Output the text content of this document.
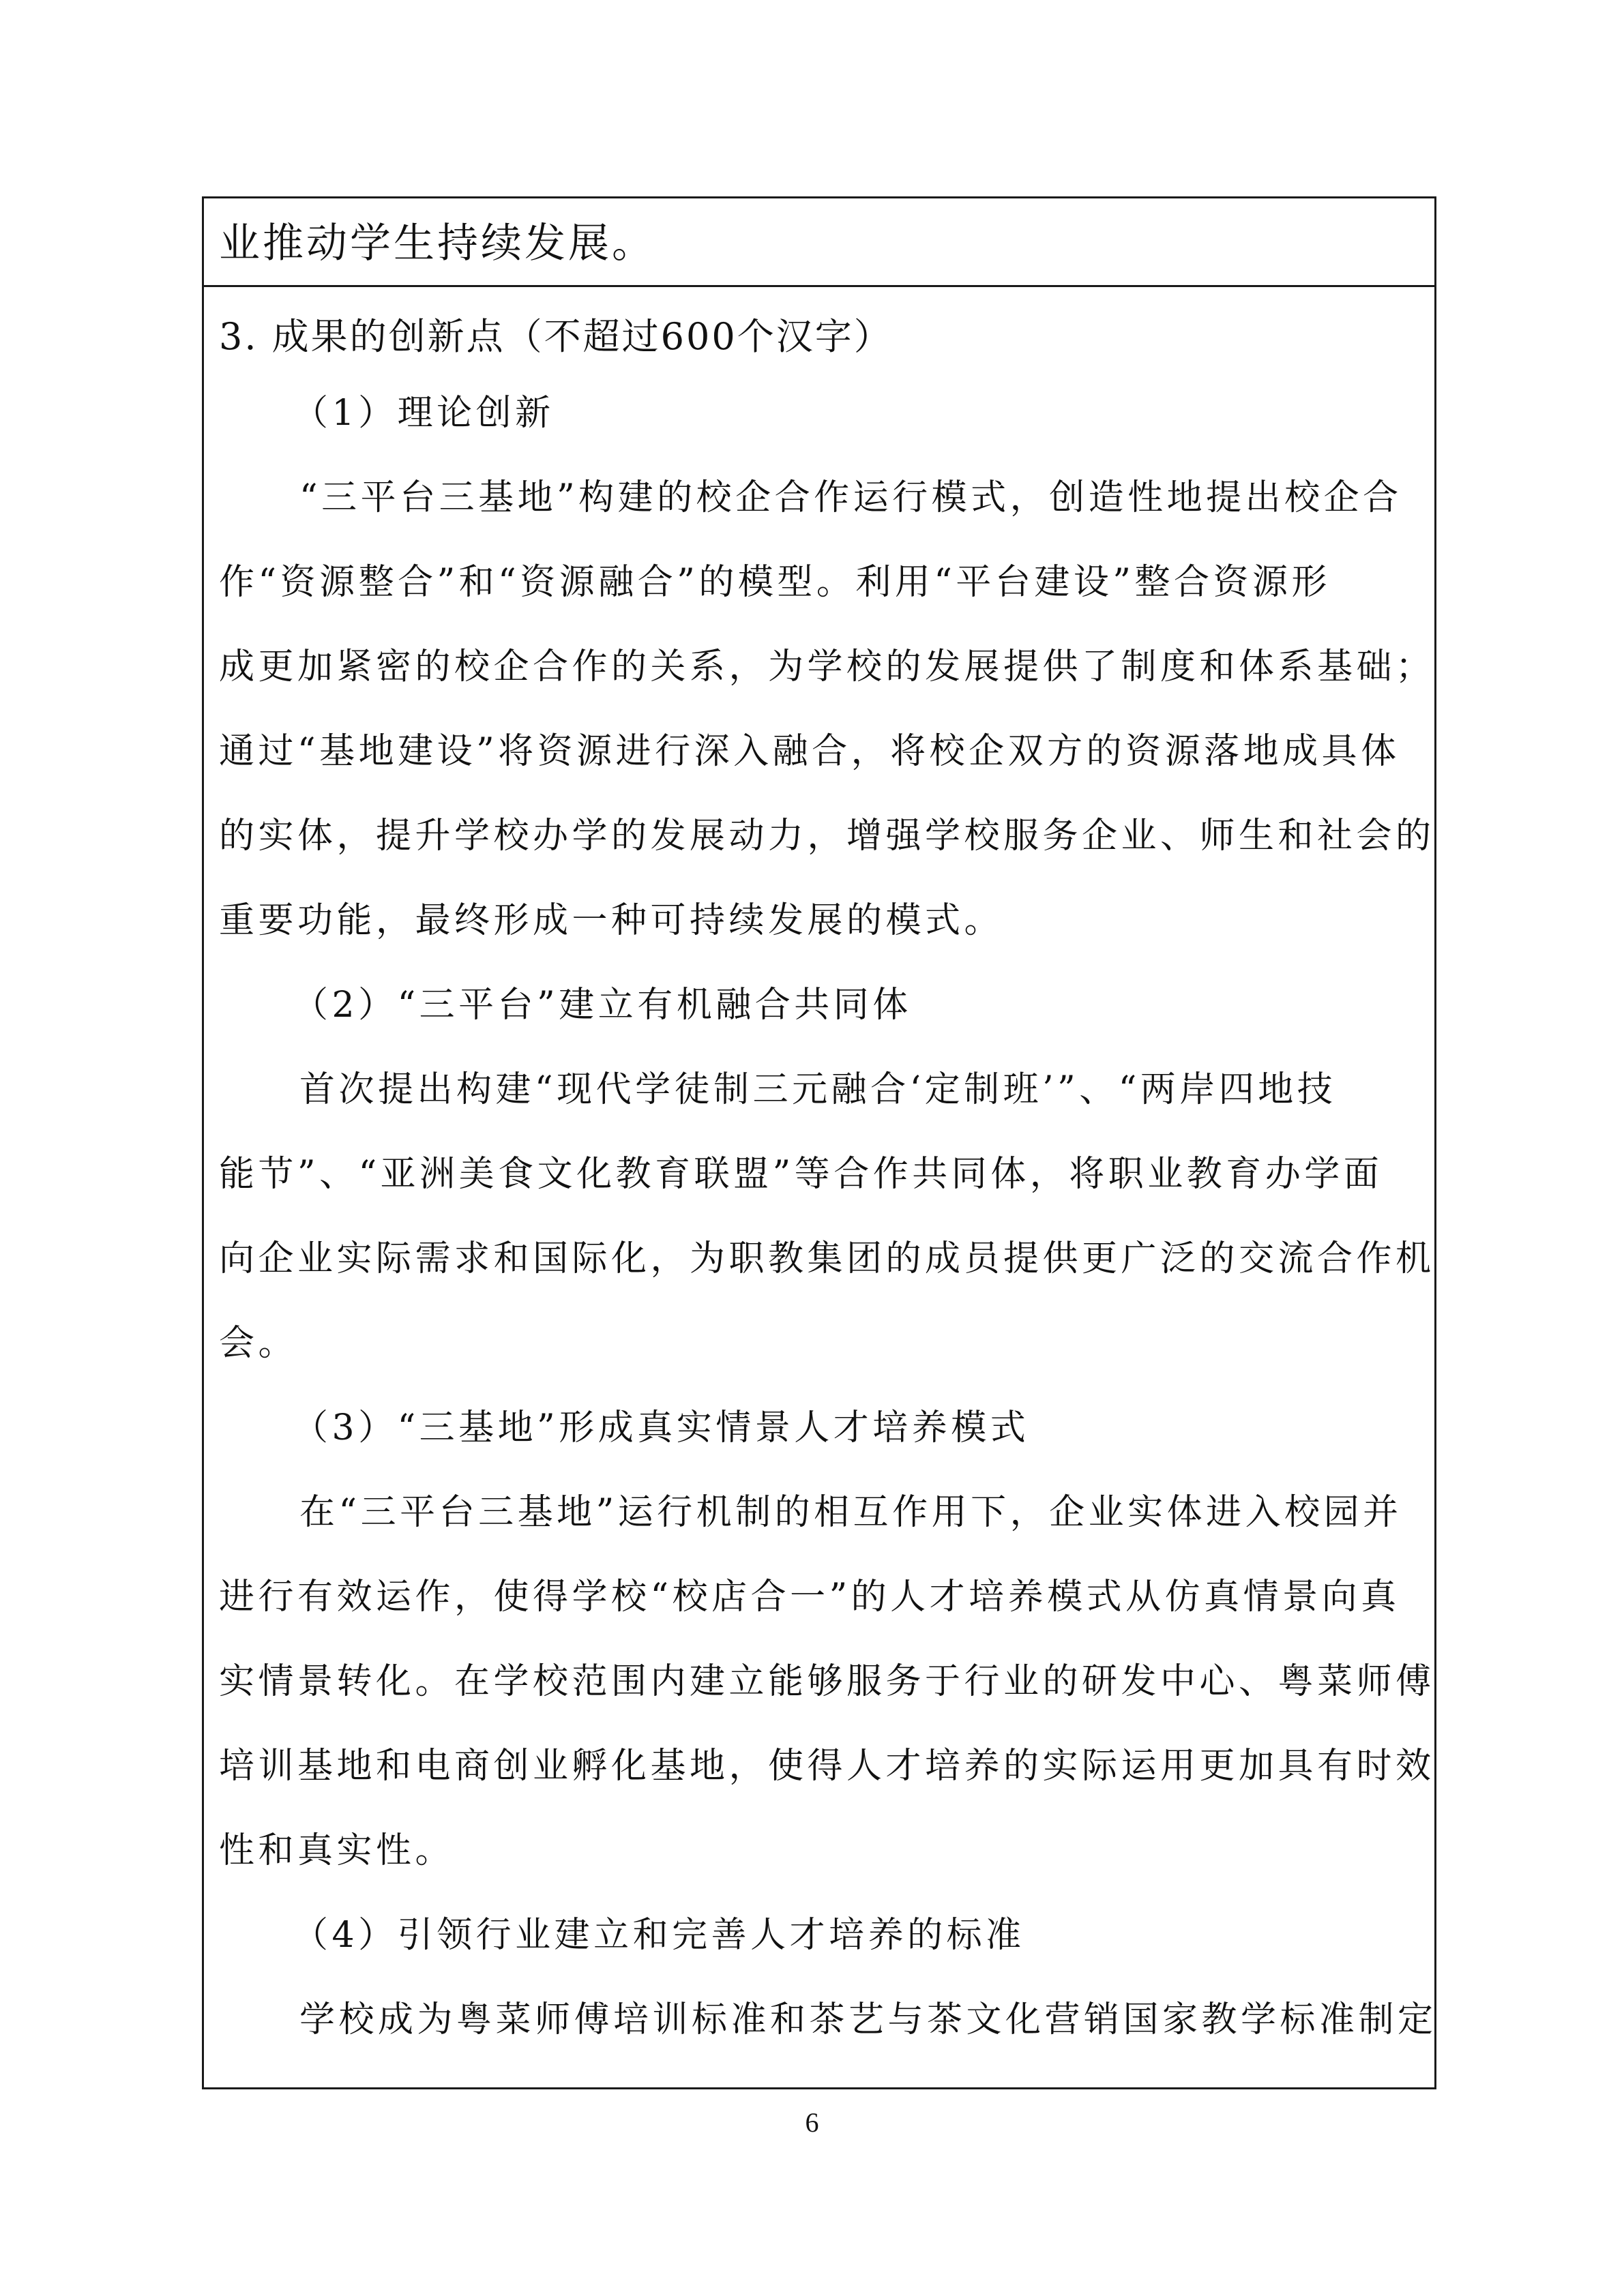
业推动学生持续发展。
3. 成果的创新点（不超过600个汉字）
（1）理论创新
“三平台三基地”构建的校企合作运行模式，创造性地提出校企合
作“资源整合”和“资源融合”的模型。利用“平台建设”整合资源形
成更加紧密的校企合作的关系，为学校的发展提供了制度和体系基础；
通过“基地建设”将资源进行深入融合，将校企双方的资源落地成具体
的实体，提升学校办学的发展动力，增强学校服务企业、师生和社会的
重要功能，最终形成一种可持续发展的模式。
（2）“三平台”建立有机融合共同体
首次提出构建“现代学徒制三元融合‘定制班’”、“两岸四地技
能节”、“亚洲美食文化教育联盟”等合作共同体，将职业教育办学面
向企业实际需求和国际化，为职教集团的成员提供更广泛的交流合作机
会。
（3）“三基地”形成真实情景人才培养模式
在“三平台三基地”运行机制的相互作用下，企业实体进入校园并
进行有效运作，使得学校“校店合一”的人才培养模式从仿真情景向真
实情景转化。在学校范围内建立能够服务于行业的研发中心、粤菜师傅
培训基地和电商创业孵化基地，使得人才培养的实际运用更加具有时效
性和真实性。
（4）引领行业建立和完善人才培养的标准
学校成为粤菜师傅培训标准和茶艺与茶文化营销国家教学标准制定
6
